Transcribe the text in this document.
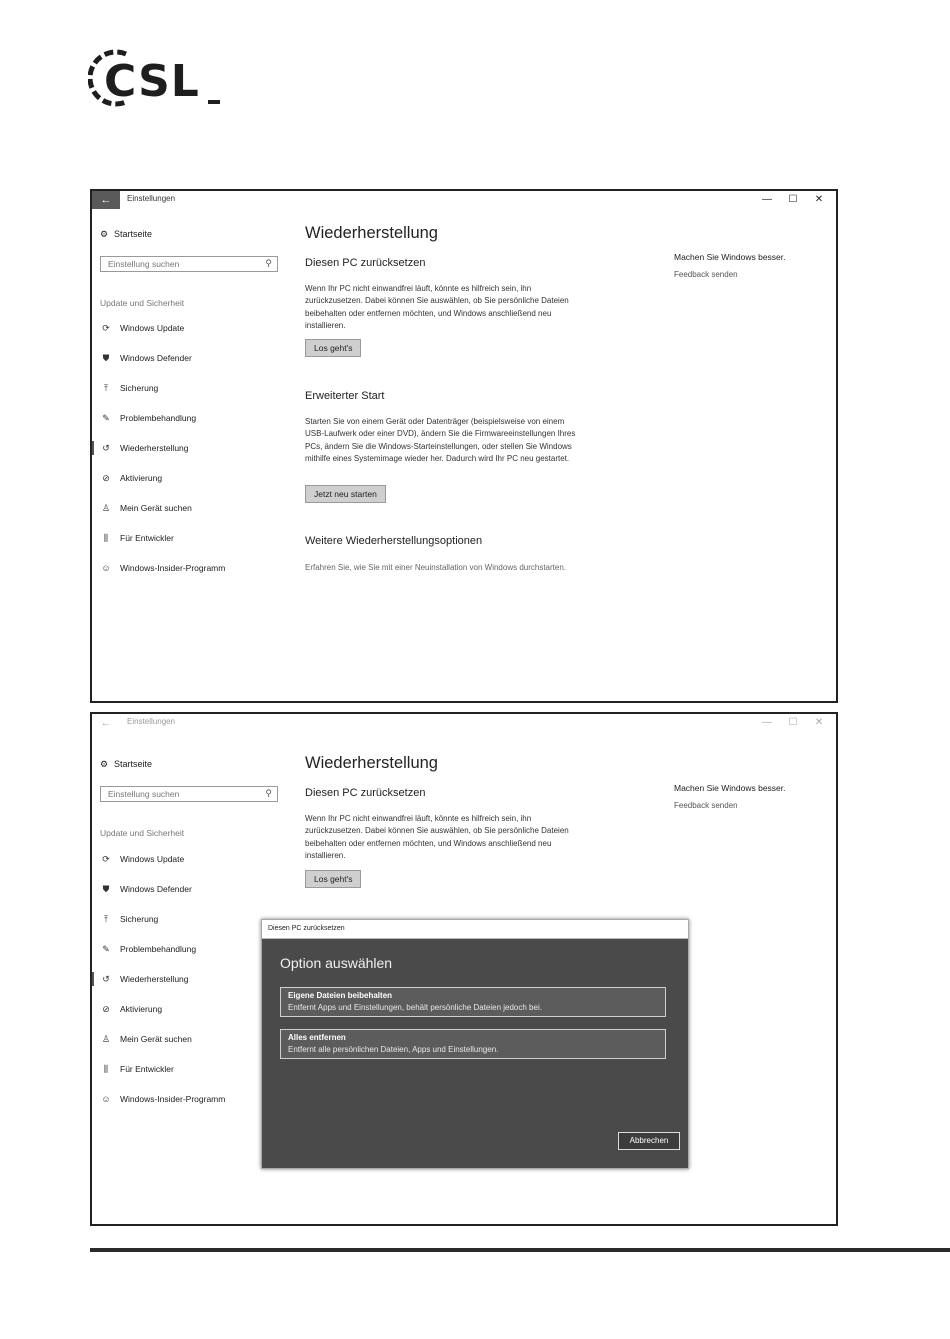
CSL
←	Einstellungen	—	☐	✕
⚙ Startseite
Einstellung suchen	⚲
Update und Sicherheit
⟳ Windows Update
⛊	Windows Defender
⤒	Sicherung
✎ Problembehandlung
↺ Wiederherstellung
⊘ Aktivierung
♙ Mein Gerät suchen
⫼	Für Entwickler
☺ Windows-Insider-Programm
Wiederherstellung
Diesen PC zurücksetzen
Wenn Ihr PC nicht einwandfrei läuft, könnte es hilfreich sein, ihn zurückzusetzen. Dabei können Sie auswählen, ob Sie persönliche Dateien beibehalten oder entfernen möchten, und Windows anschließend neu installieren.
Los geht's
Erweiterter Start
Starten Sie von einem Gerät oder Datenträger (beispielsweise von einem USB-Laufwerk oder einer DVD), ändern Sie die Firmwareeinstellungen Ihres PCs, ändern Sie die Windows-Starteinstellungen, oder stellen Sie Windows mithilfe eines Systemimage wieder her. Dadurch wird Ihr PC neu gestartet.
Jetzt neu starten
Weitere Wiederherstellungsoptionen
Erfahren Sie, wie Sie mit einer Neuinstallation von Windows durchstarten.
Machen Sie Windows besser.
Feedback senden
←	Einstellungen	—	☐	✕
⚙ Startseite
Einstellung suchen	⚲
Update und Sicherheit
⟳ Windows Update
⛊	Windows Defender
⤒	Sicherung
✎ Problembehandlung
↺ Wiederherstellung
⊘ Aktivierung
♙ Mein Gerät suchen
⫼	Für Entwickler
☺ Windows-Insider-Programm
Wiederherstellung
Diesen PC zurücksetzen
Wenn Ihr PC nicht einwandfrei läuft, könnte es hilfreich sein, ihn zurückzusetzen. Dabei können Sie auswählen, ob Sie persönliche Dateien beibehalten oder entfernen möchten, und Windows anschließend neu installieren.
Los geht's
Machen Sie Windows besser.
Feedback senden
Diesen PC zurücksetzen
Option auswählen
Eigene Dateien beibehalten
Entfernt Apps und Einstellungen, behält persönliche Dateien jedoch bei.
Alles entfernen
Entfernt alle persönlichen Dateien, Apps und Einstellungen.
Abbrechen
